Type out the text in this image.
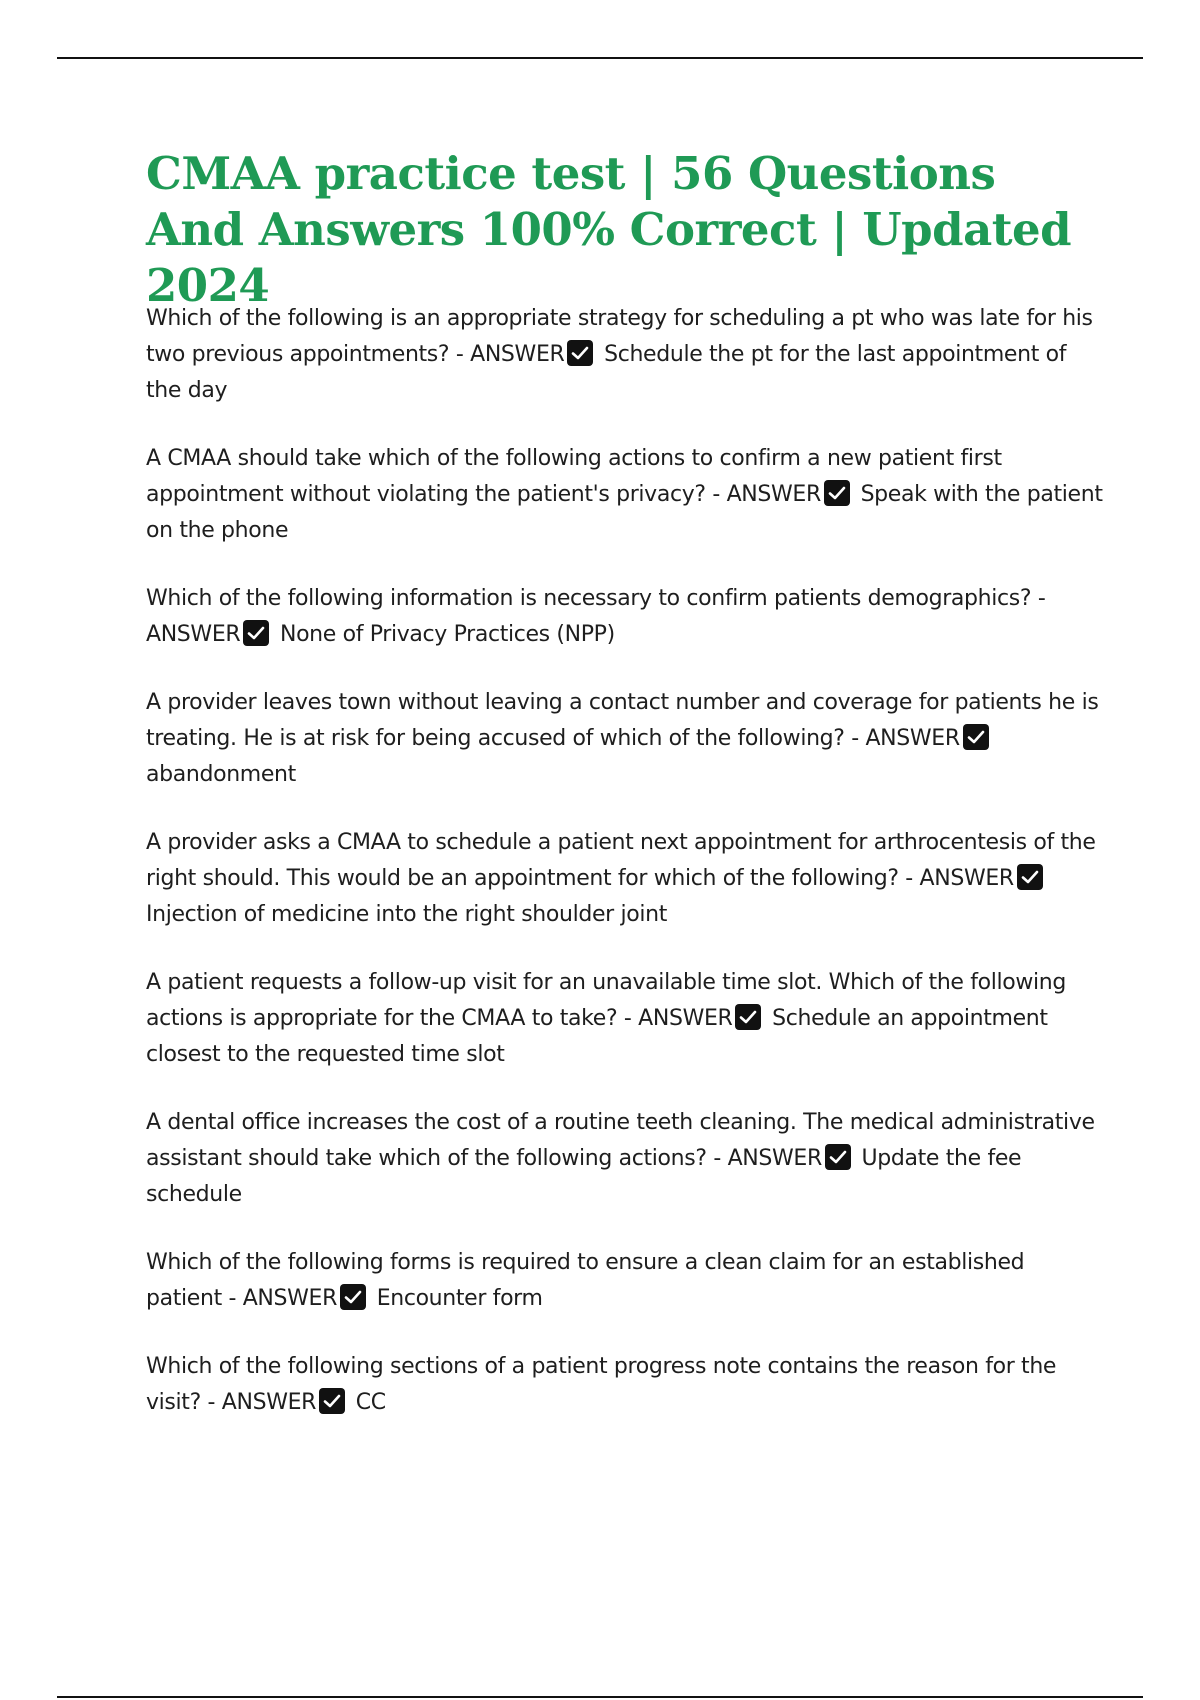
CMAA practice test | 56 Questions And Answers 100% Correct | Updated 2024

Which of the following is an appropriate strategy for scheduling a pt who was late for his two previous appointments? - ANSWER Schedule the pt for the last appointment of the day

A CMAA should take which of the following actions to confirm a new patient first appointment without violating the patient's privacy? - ANSWER Speak with the patient on the phone

Which of the following information is necessary to confirm patients demographics? - ANSWER None of Privacy Practices (NPP)

A provider leaves town without leaving a contact number and coverage for patients he is treating. He is at risk for being accused of which of the following? - ANSWER
abandonment

A provider asks a CMAA to schedule a patient next appointment for arthrocentesis of the right should. This would be an appointment for which of the following? - ANSWER
Injection of medicine into the right shoulder joint

A patient requests a follow-up visit for an unavailable time slot. Which of the following actions is appropriate for the CMAA to take? - ANSWER Schedule an appointment closest to the requested time slot

A dental office increases the cost of a routine teeth cleaning. The medical administrative assistant should take which of the following actions? - ANSWER Update the fee schedule

Which of the following forms is required to ensure a clean claim for an established patient - ANSWER Encounter form

Which of the following sections of a patient progress note contains the reason for the visit? - ANSWER CC
